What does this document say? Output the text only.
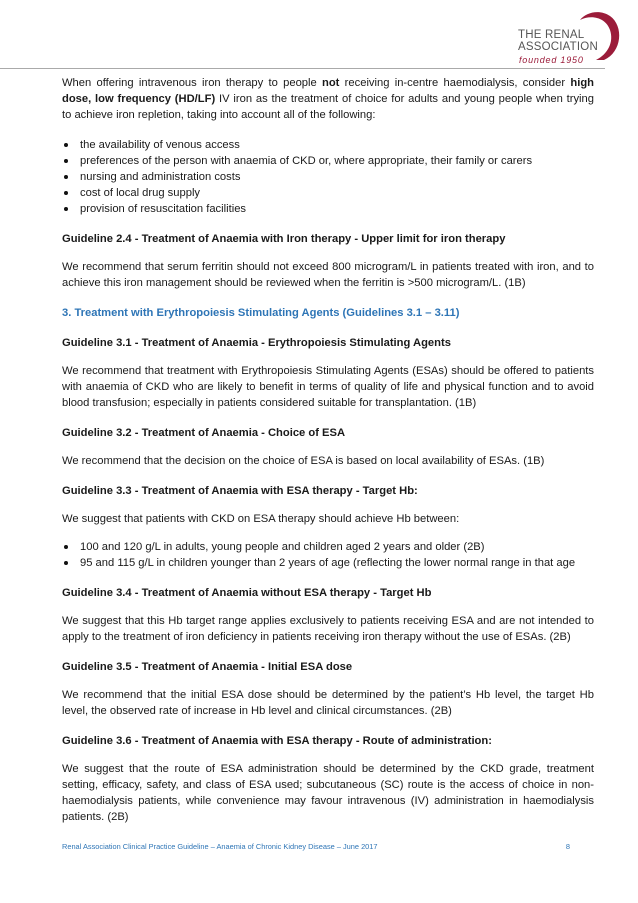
THE RENAL
ASSOCIATION
founded 1950

When offering intravenous iron therapy to people not receiving in-centre haemodialysis, consider high dose, low frequency (HD/LF) IV iron as the treatment of choice for adults and young people when trying to achieve iron repletion, taking into account all of the following:

the availability of venous access
preferences of the person with anaemia of CKD or, where appropriate, their family or carers
nursing and administration costs
cost of local drug supply
provision of resuscitation facilities

Guideline 2.4 - Treatment of Anaemia with Iron therapy - Upper limit for iron therapy

We recommend that serum ferritin should not exceed 800 microgram/L in patients treated with iron, and to achieve this iron management should be reviewed when the ferritin is >500 microgram/L. (1B)

3. Treatment with Erythropoiesis Stimulating Agents (Guidelines 3.1 – 3.11)

Guideline 3.1 - Treatment of Anaemia - Erythropoiesis Stimulating Agents

We recommend that treatment with Erythropoiesis Stimulating Agents (ESAs) should be offered to patients with anaemia of CKD who are likely to benefit in terms of quality of life and physical function and to avoid blood transfusion; especially in patients considered suitable for transplantation. (1B)

Guideline 3.2 - Treatment of Anaemia - Choice of ESA

We recommend that the decision on the choice of ESA is based on local availability of ESAs. (1B)

Guideline 3.3 - Treatment of Anaemia with ESA therapy - Target Hb:

We suggest that patients with CKD on ESA therapy should achieve Hb between:

100 and 120 g/L in adults, young people and children aged 2 years and older (2B)
95 and 115 g/L in children younger than 2 years of age (reflecting the lower normal range in that age

Guideline 3.4 - Treatment of Anaemia without ESA therapy - Target Hb

We suggest that this Hb target range applies exclusively to patients receiving ESA and are not intended to apply to the treatment of iron deficiency in patients receiving iron therapy without the use of ESAs. (2B)

Guideline 3.5 - Treatment of Anaemia - Initial ESA dose

We recommend that the initial ESA dose should be determined by the patient’s Hb level, the target Hb level, the observed rate of increase in Hb level and clinical circumstances. (2B)

Guideline 3.6 - Treatment of Anaemia with ESA therapy - Route of administration:

We suggest that the route of ESA administration should be determined by the CKD grade, treatment setting, efficacy, safety, and class of ESA used; subcutaneous (SC) route is the access of choice in non-haemodialysis patients, while convenience may favour intravenous (IV) administration in haemodialysis patients. (2B)

Renal Association Clinical Practice Guideline – Anaemia of Chronic Kidney Disease – June 2017	8
